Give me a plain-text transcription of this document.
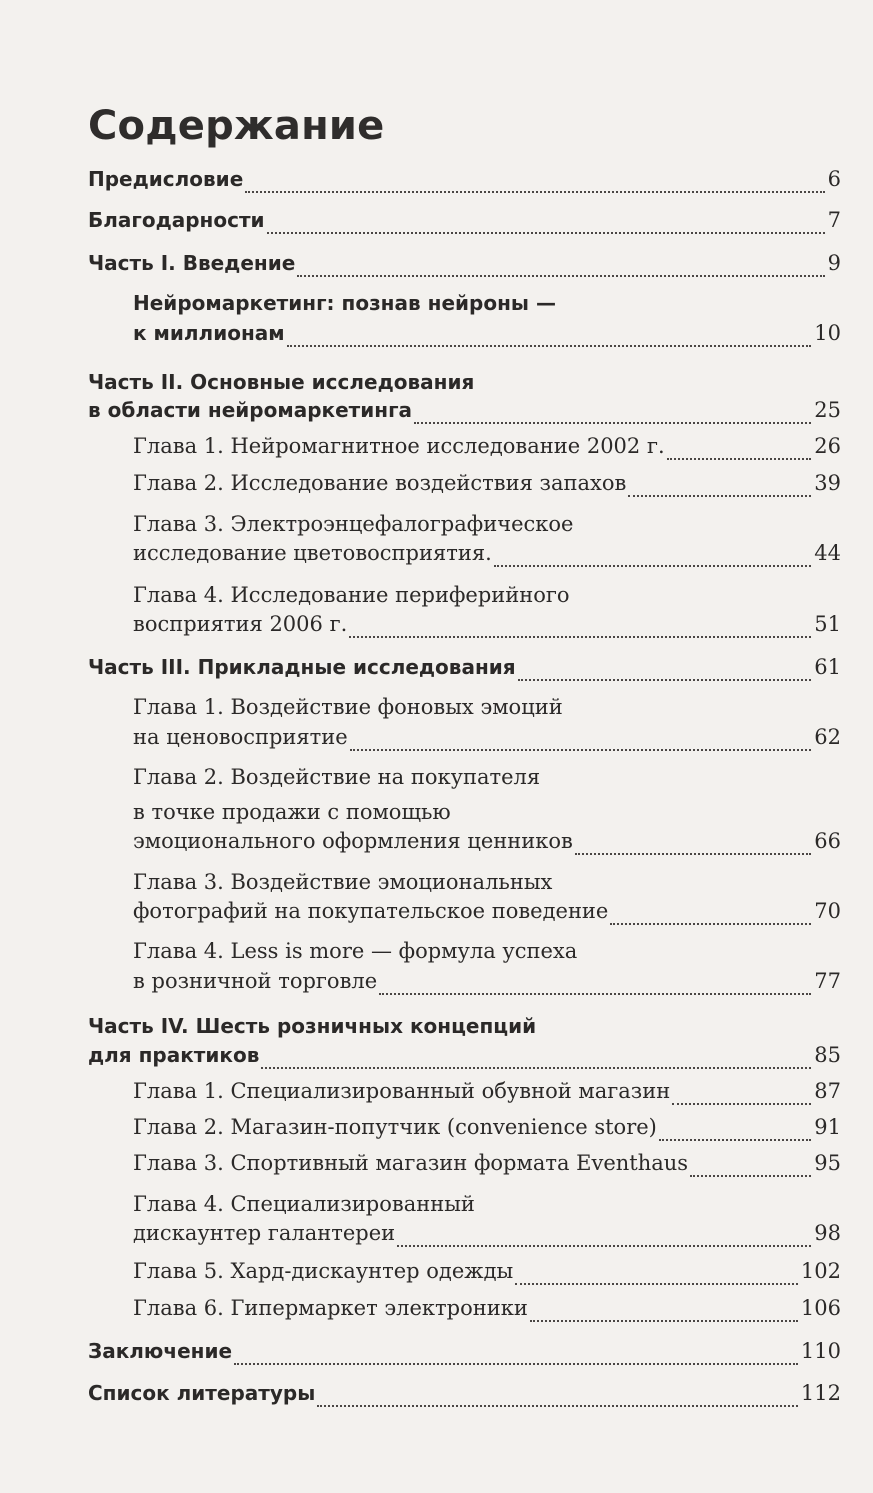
Содержание
Предисловие	6
Благодарности	7
Часть I. Введение	9
Нейромаркетинг: познав нейроны —
к миллионам	10
Часть II. Основные исследования
в области нейромаркетинга	25
Глава 1. Нейромагнитное исследование 2002 г.	26
Глава 2. Исследование воздействия запахов	39
Глава 3. Электроэнцефалографическое
исследование цветовосприятия.	44
Глава 4. Исследование периферийного
восприятия 2006 г.	51
Часть III. Прикладные исследования	61
Глава 1. Воздействие фоновых эмоций
на ценовосприятие	62
Глава 2. Воздействие на покупателя
в точке продажи с помощью
эмоционального оформления ценников	66
Глава 3. Воздействие эмоциональных
фотографий на покупательское поведение	70
Глава 4. Less is more — формула успеха
в розничной торговле	77
Часть IV. Шесть розничных концепций
для практиков	85
Глава 1. Специализированный обувной магазин	87
Глава 2. Магазин-попутчик (convenience store)	91
Глава 3. Спортивный магазин формата Eventhaus	95
Глава 4. Специализированный
дискаунтер галантереи	98
Глава 5. Хард-дискаунтер одежды	102
Глава 6. Гипермаркет электроники	106
Заключение	110
Список литературы	112
